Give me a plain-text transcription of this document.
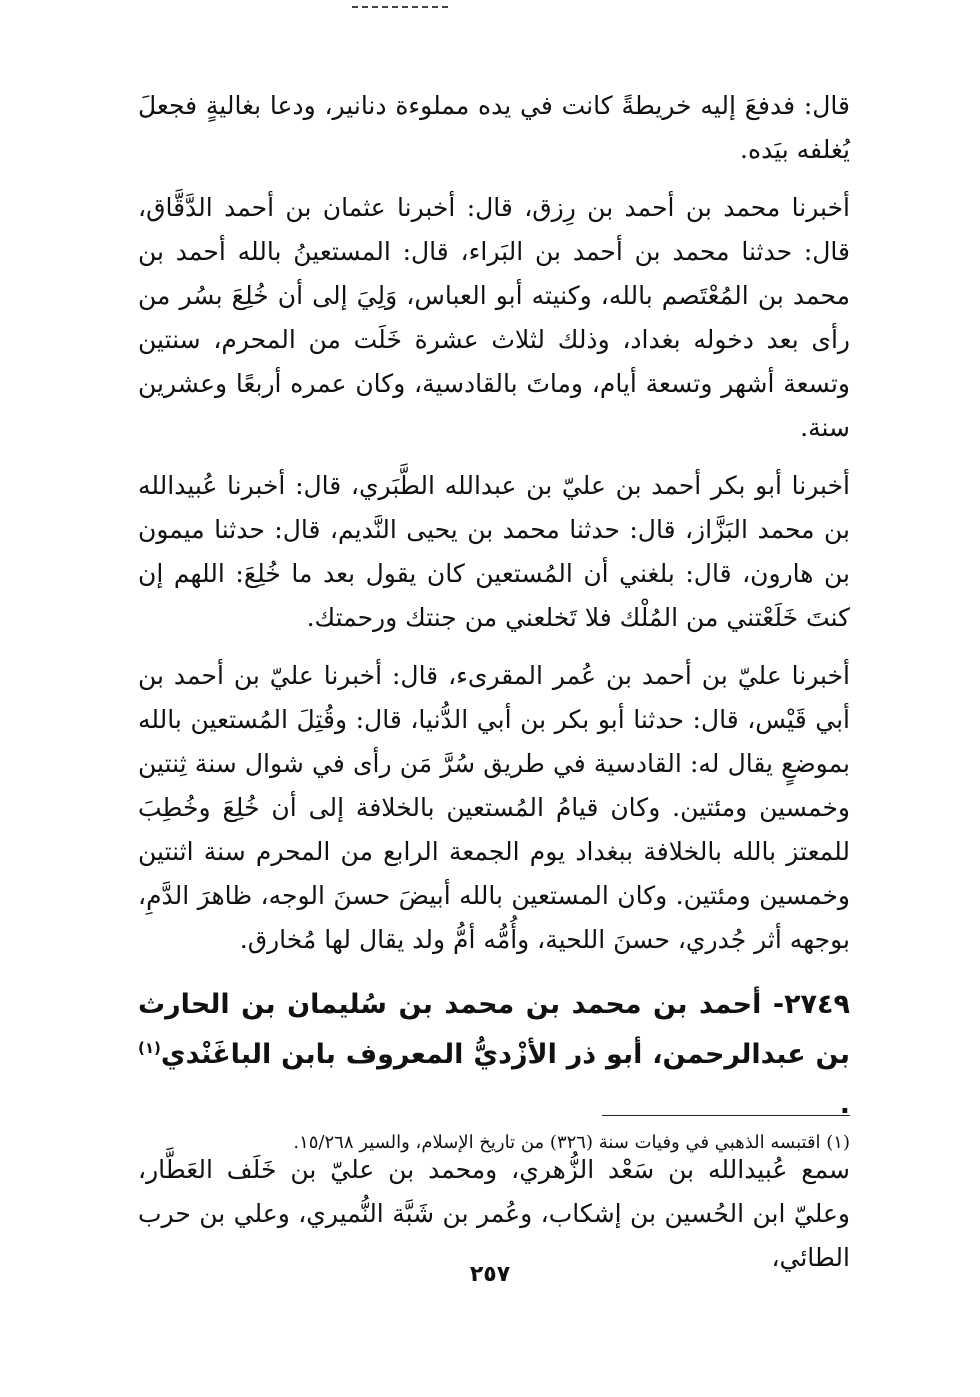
قال: فدفعَ إليه خريطةً كانت في يده مملوءة دنانير، ودعا بغاليةٍ فجعلَ يُغلفه بيَده.

أخبرنا محمد بن أحمد بن رِزق، قال: أخبرنا عثمان بن أحمد الدَّقَّاق، قال: حدثنا محمد بن أحمد بن البَراء، قال: المستعينُ بالله أحمد بن محمد بن المُعْتَصم بالله، وكنيته أبو العباس، وَلِيَ إلى أن خُلِعَ بسُر من رأى بعد دخوله بغداد، وذلك لثلاث عشرة خَلَت من المحرم، سنتين وتسعة أشهر وتسعة أيام، وماتَ بالقادسية، وكان عمره أربعًا وعشرين سنة.

أخبرنا أبو بكر أحمد بن عليّ بن عبدالله الطَّبَري، قال: أخبرنا عُبيدالله بن محمد البَزَّاز، قال: حدثنا محمد بن يحيى النَّديم، قال: حدثنا ميمون بن هارون، قال: بلغني أن المُستعين كان يقول بعد ما خُلِعَ: اللهم إن كنتَ خَلَعْتني من المُلْك فلا تَخلعني من جنتك ورحمتك.

أخبرنا عليّ بن أحمد بن عُمر المقرىء، قال: أخبرنا عليّ بن أحمد بن أبي قَيْس، قال: حدثنا أبو بكر بن أبي الدُّنيا، قال: وقُتِلَ المُستعين بالله بموضعٍ يقال له: القادسية في طريق سُرَّ مَن رأى في شوال سنة ثِنتين وخمسين ومئتين. وكان قيامُ المُستعين بالخلافة إلى أن خُلِعَ وخُطِبَ للمعتز بالله بالخلافة ببغداد يوم الجمعة الرابع من المحرم سنة اثنتين وخمسين ومئتين. وكان المستعين بالله أبيضَ حسنَ الوجه، ظاهرَ الدَّمِ، بوجهه أثر جُدري، حسنَ اللحية، وأُمُّه أمُّ ولد يقال لها مُخارق.

٢٧٤٩- أحمد بن محمد بن محمد بن سُليمان بن الحارث بن عبدالرحمن، أبو ذر الأزْديُّ المعروف بابن الباغَنْدي$^{(١)}$ .

سمع عُبيدالله بن سَعْد الزُّهري، ومحمد بن عليّ بن خَلَف العَطَّار، وعليّ ابن الحُسين بن إشكاب، وعُمر بن شَبَّة النُّميري، وعلي بن حرب الطائي،

(١) اقتبسه الذهبي في وفيات سنة (٣٢٦) من تاريخ الإسلام، والسير ١٥/٢٦٨.
٢٥٧
